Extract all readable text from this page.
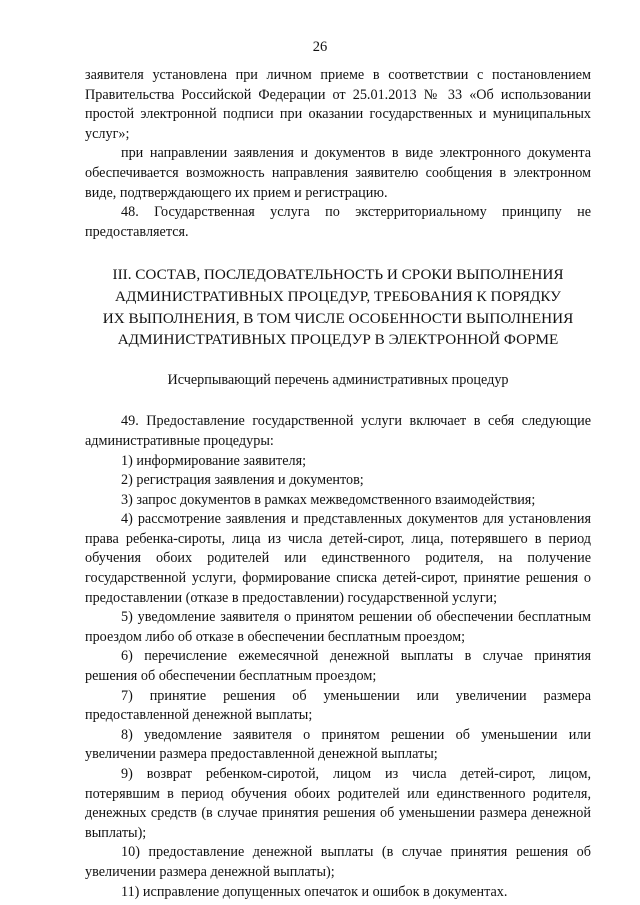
26

заявителя установлена при личном приеме в соответствии с постановлением Правительства Российской Федерации от 25.01.2013 № 33 «Об использовании простой электронной подписи при оказании государственных и муниципальных услуг»;

при направлении заявления и документов в виде электронного документа обеспечивается возможность направления заявителю сообщения в электронном виде, подтверждающего их прием и регистрацию.

48. Государственная услуга по экстерриториальному принципу не предоставляется.

III. СОСТАВ, ПОСЛЕДОВАТЕЛЬНОСТЬ И СРОКИ ВЫПОЛНЕНИЯ
АДМИНИСТРАТИВНЫХ ПРОЦЕДУР, ТРЕБОВАНИЯ К ПОРЯДКУ
ИХ ВЫПОЛНЕНИЯ, В ТОМ ЧИСЛЕ ОСОБЕННОСТИ ВЫПОЛНЕНИЯ
АДМИНИСТРАТИВНЫХ ПРОЦЕДУР В ЭЛЕКТРОННОЙ ФОРМЕ
Исчерпывающий перечень административных процедур

49. Предоставление государственной услуги включает в себя следующие административные процедуры:

1) информирование заявителя;

2) регистрация заявления и документов;

3) запрос документов в рамках межведомственного взаимодействия;

4) рассмотрение заявления и представленных документов для установления права ребенка-сироты, лица из числа детей-сирот, лица, потерявшего в период обучения обоих родителей или единственного родителя, на получение государственной услуги, формирование списка детей-сирот, принятие решения о предоставлении (отказе в предоставлении) государственной услуги;

5) уведомление заявителя о принятом решении об обеспечении бесплатным проездом либо об отказе в обеспечении бесплатным проездом;

6) перечисление ежемесячной денежной выплаты в случае принятия решения об обеспечении бесплатным проездом;

7) принятие решения об уменьшении или увеличении размера предоставленной денежной выплаты;

8) уведомление заявителя о принятом решении об уменьшении или увеличении размера предоставленной денежной выплаты;

9) возврат ребенком-сиротой, лицом из числа детей-сирот, лицом, потерявшим в период обучения обоих родителей или единственного родителя, денежных средств (в случае принятия решения об уменьшении размера денежной выплаты);

10) предоставление денежной выплаты (в случае принятия решения об увеличении размера денежной выплаты);

11) исправление допущенных опечаток и ошибок в документах.
